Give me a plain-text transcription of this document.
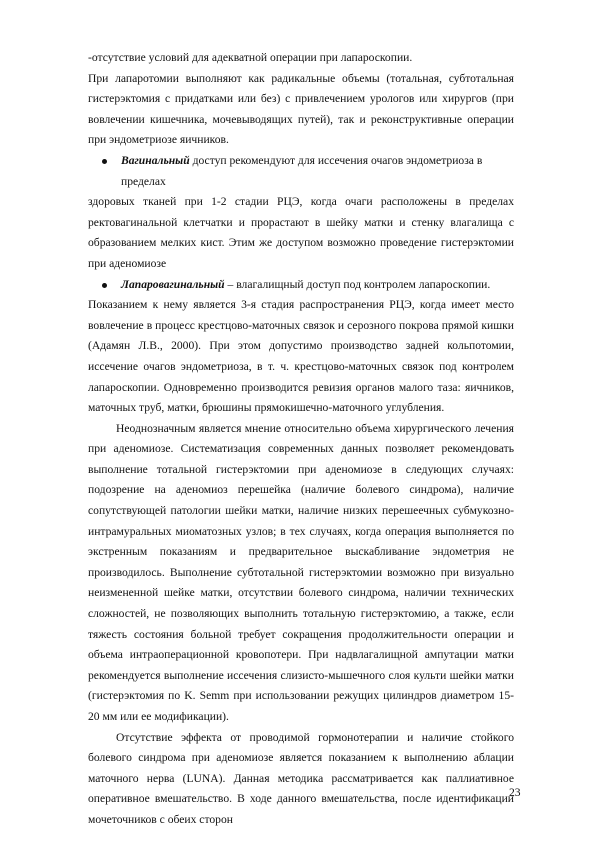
-отсутствие условий для адекватной операции при лапароскопии.

При лапаротомии выполняют как радикальные объемы (тотальная, субтотальная гистерэктомия с придатками или без) с привлечением урологов или хирургов (при вовлечении кишечника, мочевыводящих путей), так и реконструктивные операции при эндометриозе яичников.

Вагинальный доступ рекомендуют для иссечения очагов эндометриоза в пределах

здоровых тканей при 1-2 стадии РЦЭ, когда очаги расположены в пределах ректовагинальной клетчатки и прорастают в шейку матки и стенку влагалища с образованием мелких кист. Этим же доступом возможно проведение гистерэктомии при аденомиозе

Лапаровагинальный – влагалищный доступ под контролем лапароскопии.

Показанием к нему является 3-я стадия распространения РЦЭ, когда имеет место вовлечение в процесс крестцово-маточных связок и серозного покрова прямой кишки (Адамян Л.В., 2000). При этом допустимо производство задней кольпотомии, иссечение очагов эндометриоза, в т. ч. крестцово-маточных связок под контролем лапароскопии. Одновременно производится ревизия органов малого таза: яичников, маточных труб, матки, брюшины прямокишечно-маточного углубления.

Неоднозначным является мнение относительно объема хирургического лечения при аденомиозе. Систематизация современных данных позволяет рекомендовать выполнение тотальной гистерэктомии при аденомиозе в следующих случаях: подозрение на аденомиоз перешейка (наличие болевого синдрома), наличие сопутствующей патологии шейки матки, наличие низких перешеечных субмукозно-интрамуральных миоматозных узлов; в тех случаях, когда операция выполняется по экстренным показаниям и предварительное выскабливание эндометрия не производилось. Выполнение субтотальной гистерэктомии возможно при визуально неизмененной шейке матки, отсутствии болевого синдрома, наличии технических сложностей, не позволяющих выполнить тотальную гистерэктомию, а также, если тяжесть состояния больной требует сокращения продолжительности операции и объема интраоперационной кровопотери. При надвлагалищной ампутации матки рекомендуется выполнение иссечения слизисто-мышечного слоя культи шейки матки (гистерэктомия по K. Semm при использовании режущих цилиндров диаметром 15-20 мм или ее модификации).

Отсутствие эффекта от проводимой гормонотерапии и наличие стойкого болевого синдрома при аденомиозе является показанием к выполнению аблации маточного нерва (LUNA). Данная методика рассматривается как паллиативное оперативное вмешательство. В ходе данного вмешательства, после идентификации мочеточников с обеих сторон

23
